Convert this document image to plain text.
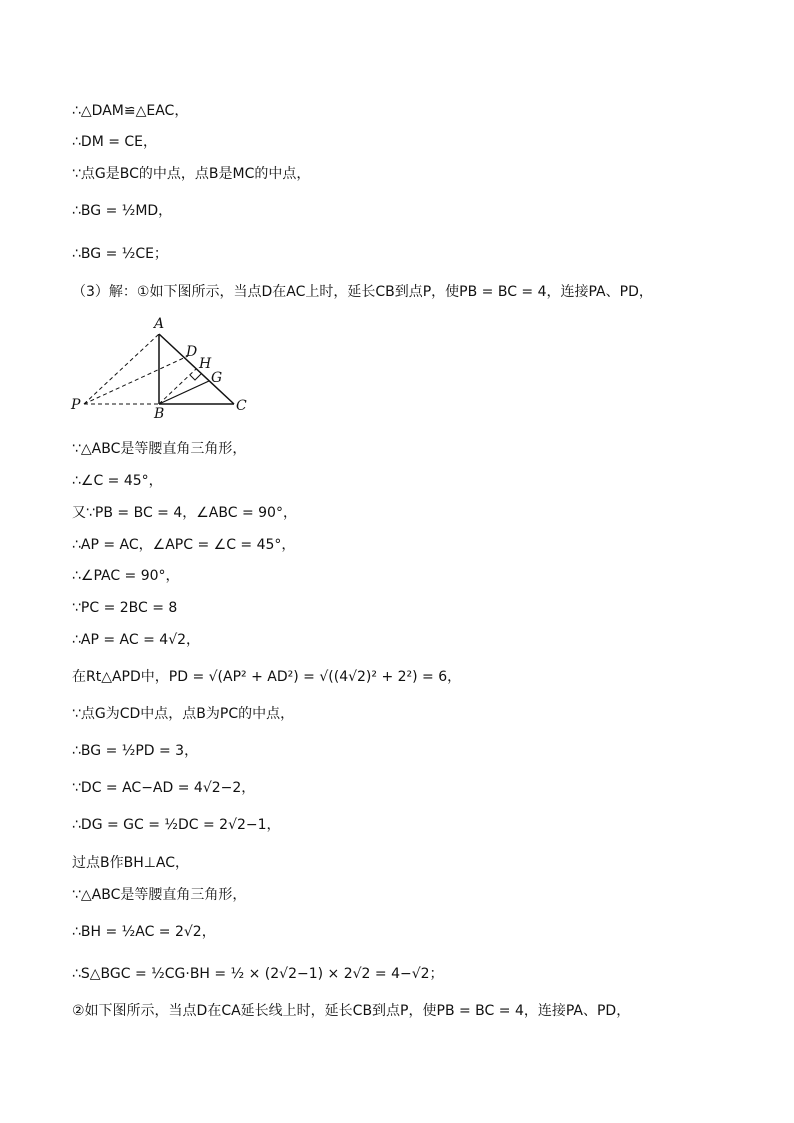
∴△DAM≌△EAC，
∴DM = CE，
∵点G是BC的中点，点B是MC的中点，
∴BG = ½MD，
∴BG = ½CE；
（3）解：①如下图所示，当点D在AC上时，延长CB到点P，使PB = BC = 4，连接PA、PD，
A
D
H
G
P
B	C
∵△ABC是等腰直角三角形，
∴∠C = 45°，
又∵PB = BC = 4，∠ABC = 90°，
∴AP = AC，∠APC = ∠C = 45°，
∴∠PAC = 90°，
∵PC = 2BC = 8
∴AP = AC = 4√2，
在Rt△APD中，PD = √(AP² + AD²) = √((4√2)² + 2²) = 6，
∵点G为CD中点，点B为PC的中点，
∴BG = ½PD = 3，
∵DC = AC−AD = 4√2−2，
∴DG = GC = ½DC = 2√2−1，
过点B作BH⊥AC，
∵△ABC是等腰直角三角形，
∴BH = ½AC = 2√2，
∴S△BGC = ½CG·BH = ½ × (2√2−1) × 2√2 = 4−√2；
②如下图所示，当点D在CA延长线上时，延长CB到点P，使PB = BC = 4，连接PA、PD，
